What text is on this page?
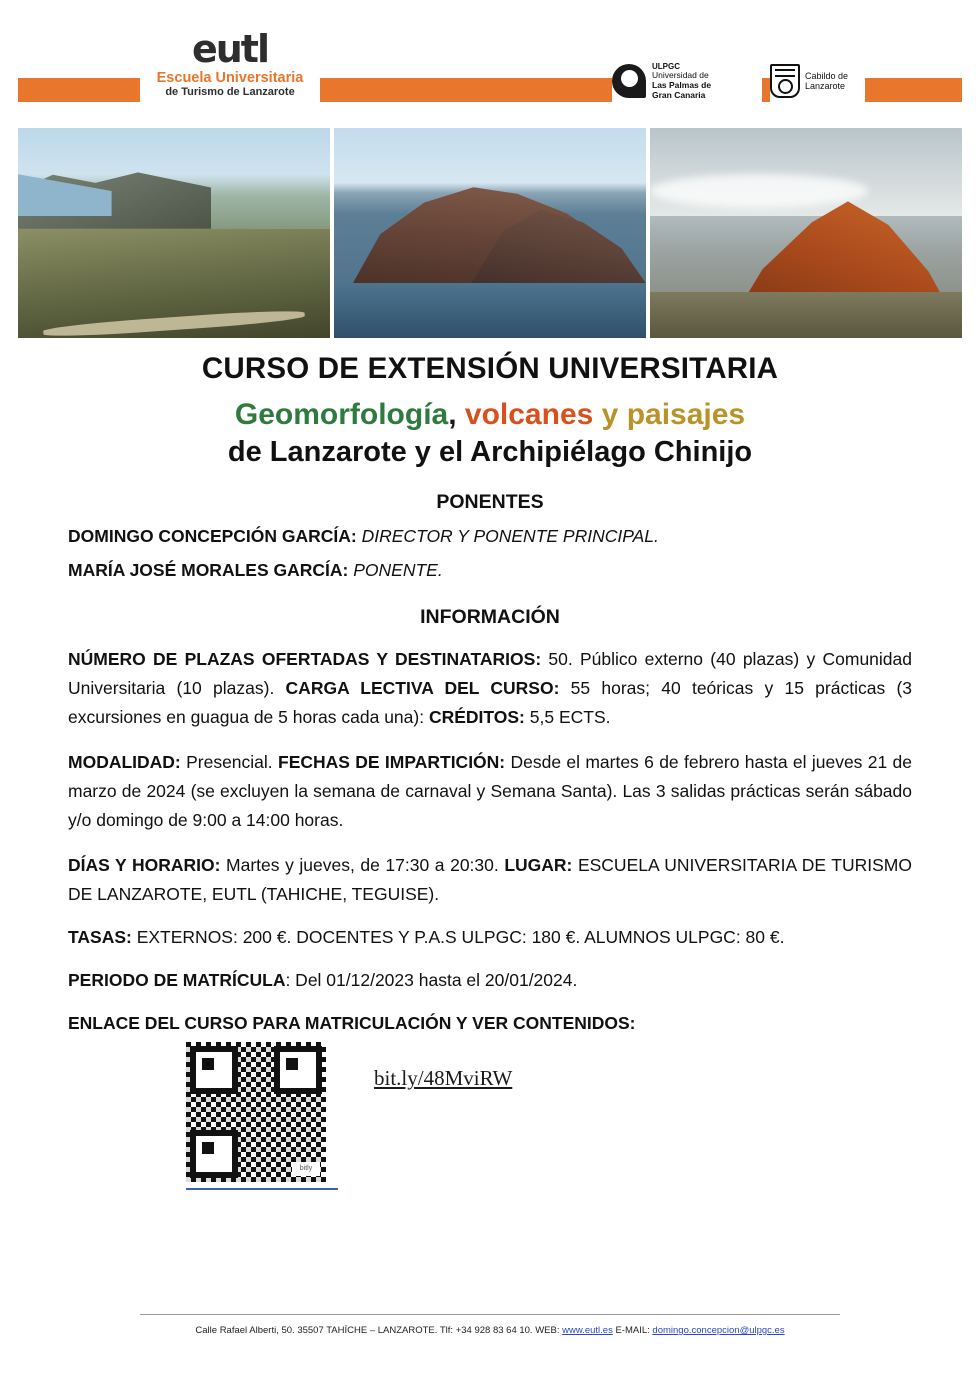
eutl
Escuela Universitaria
de Turismo de Lanzarote
ULPGC
Universidad de
Las Palmas de
Gran Canaria
Cabildo de
Lanzarote
CURSO DE EXTENSIÓN UNIVERSITARIA
Geomorfología, volcanes y paisajes
de Lanzarote y el Archipiélago Chinijo
PONENTES

DOMINGO CONCEPCIÓN GARCÍA: DIRECTOR Y PONENTE PRINCIPAL.

MARÍA JOSÉ MORALES GARCÍA: PONENTE.

INFORMACIÓN

NÚMERO DE PLAZAS OFERTADAS Y DESTINATARIOS: 50. Público externo (40 plazas) y Comunidad Universitaria (10 plazas). CARGA LECTIVA DEL CURSO: 55 horas; 40 teóricas y 15 prácticas (3 excursiones en guagua de 5 horas cada una): CRÉDITOS: 5,5 ECTS.

MODALIDAD: Presencial. FECHAS DE IMPARTICIÓN: Desde el martes 6 de febrero hasta el jueves 21 de marzo de 2024 (se excluyen la semana de carnaval y Semana Santa). Las 3 salidas prácticas serán sábado y/o domingo de 9:00 a 14:00 horas.

DÍAS Y HORARIO: Martes y jueves, de 17:30 a 20:30. LUGAR: ESCUELA UNIVERSITARIA DE TURISMO DE LANZAROTE, EUTL (TAHICHE, TEGUISE).

TASAS: EXTERNOS: 200 €. DOCENTES Y P.A.S ULPGC: 180 €. ALUMNOS ULPGC: 80 €.

PERIODO DE MATRÍCULA: Del 01/12/2023 hasta el 20/01/2024.

ENLACE DEL CURSO PARA MATRICULACIÓN Y VER CONTENIDOS:
bitly
bit.ly/48MviRW
Calle Rafael Alberti, 50. 35507 TAHÍCHE – LANZAROTE. Tlf: +34 928 83 64 10. WEB: www.eutl.es E-MAIL: domingo.concepcion@ulpgc.es
